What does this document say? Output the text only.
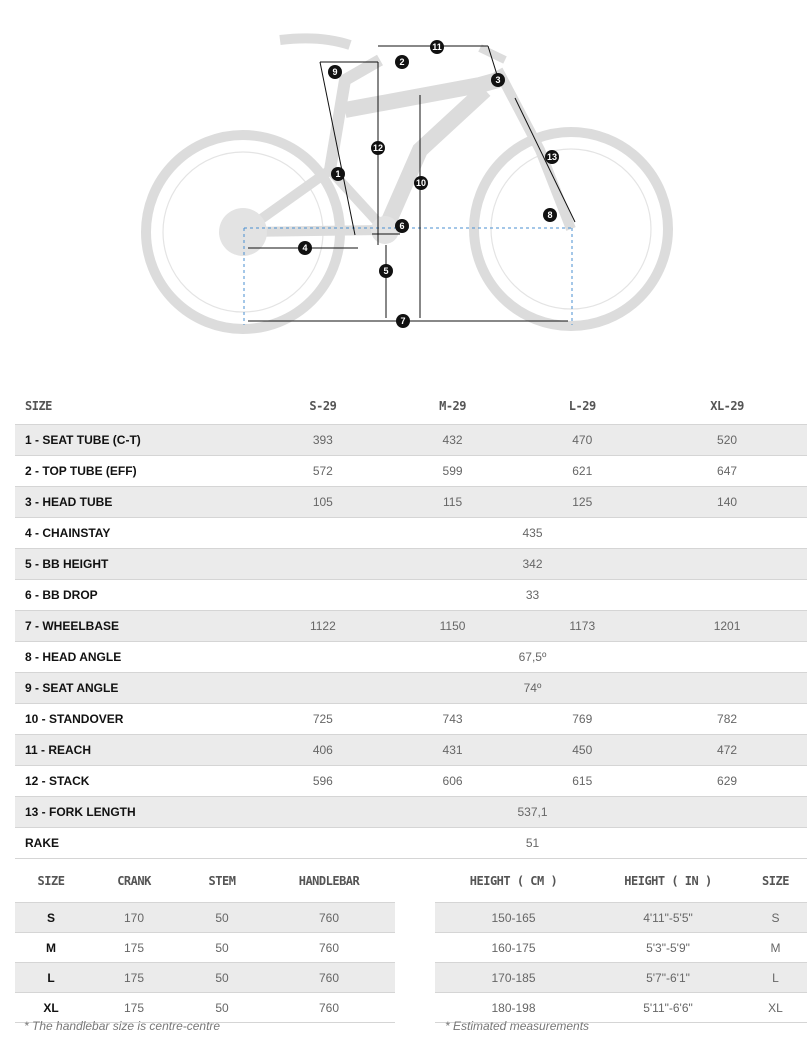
1
2
3
4
5
6
7
8
9
10
11
12
13
SIZE	S-29	M-29	L-29	XL-29
1 - SEAT TUBE (C-T)	393	432	470	520
2 - TOP TUBE (EFF)	572	599	621	647
3 - HEAD TUBE	105	115	125	140
4 - CHAINSTAY	435			
5 - BB HEIGHT	342			
6 - BB DROP	33			
7 - WHEELBASE	1122	1150	1173	1201
8 - HEAD ANGLE	67,5º			
9 - SEAT ANGLE	74º			
10 - STANDOVER	725	743	769	782
11 - REACH	406	431	450	472
12 - STACK	596	606	615	629
13 - FORK LENGTH	537,1			
RAKE	51			
SIZE	CRANK	STEM	HANDLEBAR
S	170	50	760
M	175	50	760
L	175	50	760
XL	175	50	760
* The handlebar size is centre-centre
HEIGHT ( CM )	HEIGHT ( IN )	SIZE
150-165	4'11"-5'5"	S
160-175	5'3"-5'9"	M
170-185	5'7"-6'1"	L
180-198	5'11"-6'6"	XL
* Estimated measurements
